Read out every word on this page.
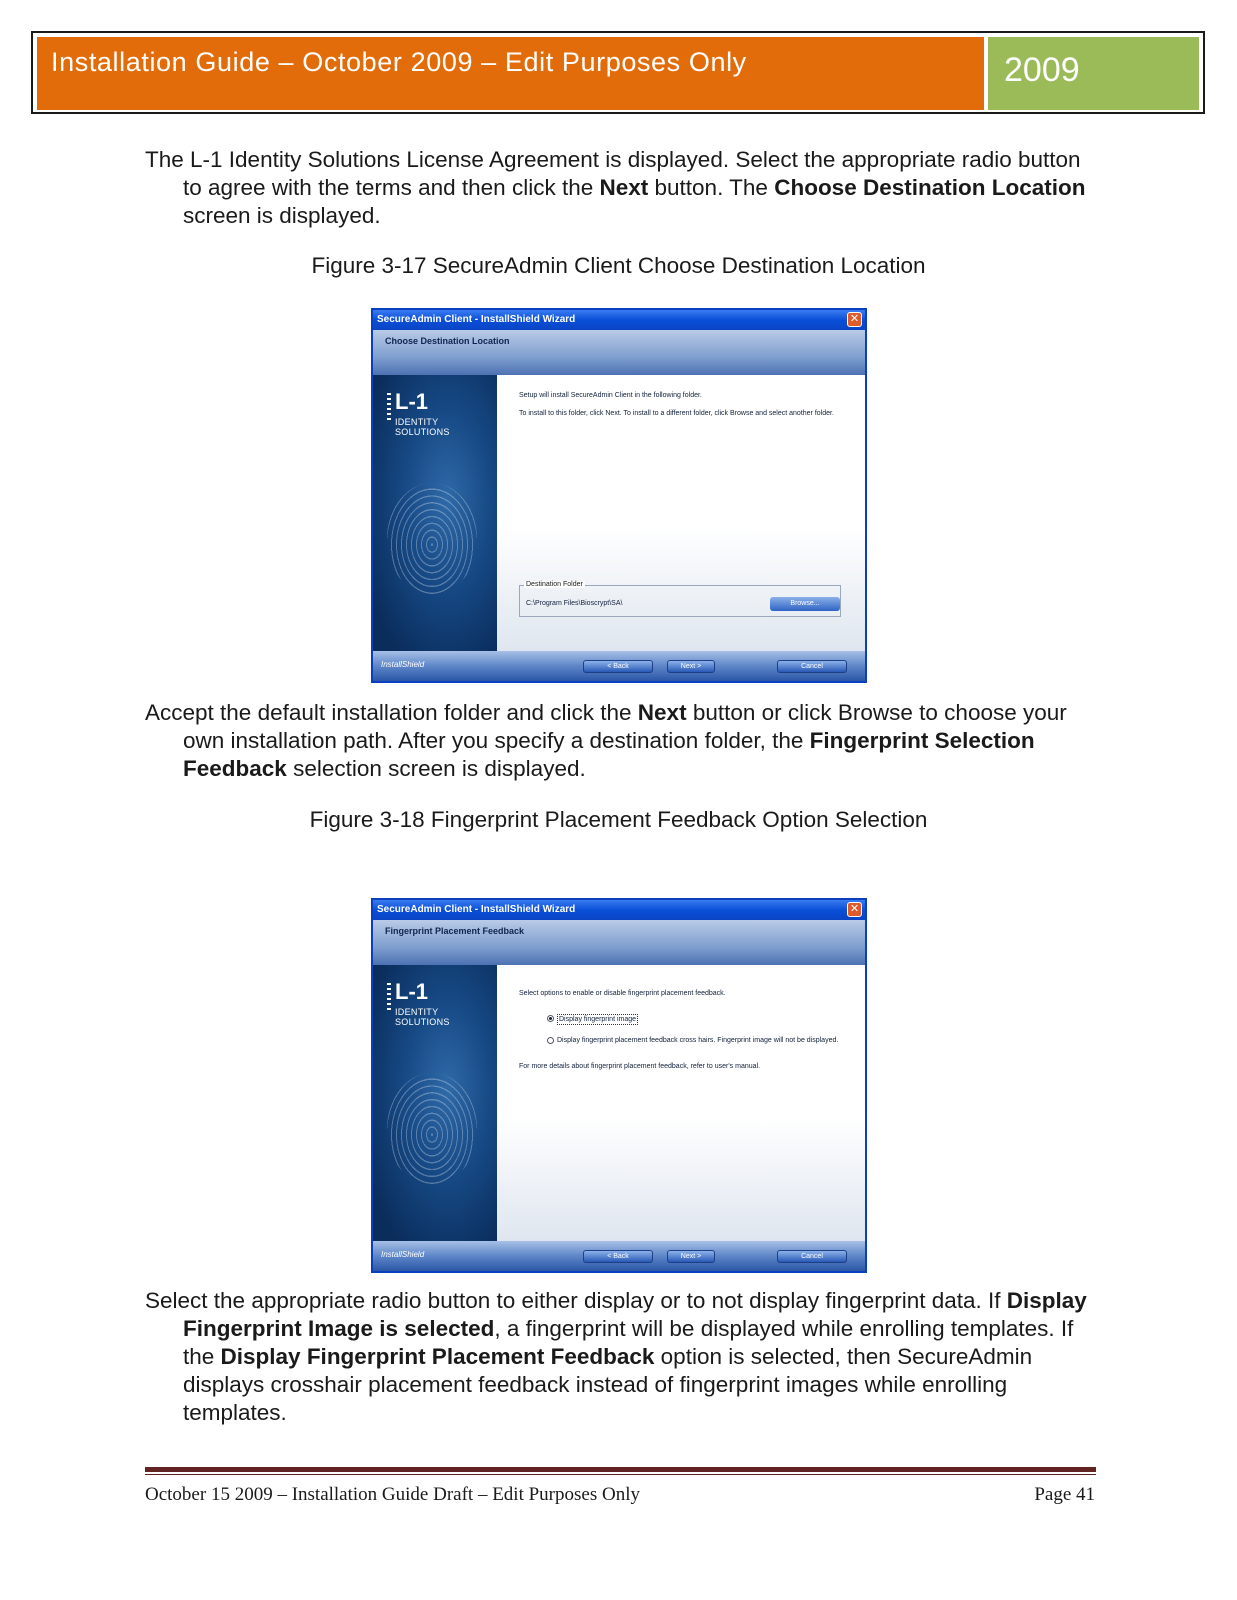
Installation Guide – October 2009 – Edit Purposes Only	2009
The L-1 Identity Solutions License Agreement is displayed. Select the appropriate radio button to agree with the terms and then click the Next button. The Choose Destination Location screen is displayed.
Figure 3-17 SecureAdmin Client Choose Destination Location
SecureAdmin Client - InstallShield Wizard	✕
Choose Destination Location
L-1
IDENTITY
SOLUTIONS
Setup will install SecureAdmin Client in the following folder.
To install to this folder, click Next. To install to a different folder, click Browse and select another folder.
Destination Folder
C:\Program Files\Bioscrypt\SA\	Browse...
InstallShield	< Back	Next >	Cancel
Accept the default installation folder and click the Next button or click Browse to choose your own installation path. After you specify a destination folder, the Fingerprint Selection Feedback selection screen is displayed.
Figure 3-18 Fingerprint Placement Feedback Option Selection
SecureAdmin Client - InstallShield Wizard	✕
Fingerprint Placement Feedback
L-1
IDENTITY
SOLUTIONS
Select options to enable or disable fingerprint placement feedback.
Display fingerprint image
Display fingerprint placement feedback cross hairs. Fingerprint image will not be displayed.
For more details about fingerprint placement feedback, refer to user's manual.
InstallShield	< Back	Next >	Cancel
Select the appropriate radio button to either display or to not display fingerprint data. If Display Fingerprint Image is selected, a fingerprint will be displayed while enrolling templates. If the Display Fingerprint Placement Feedback option is selected, then SecureAdmin displays crosshair placement feedback instead of fingerprint images while enrolling templates.
October 15 2009 – Installation Guide Draft – Edit Purposes Only	Page 41
